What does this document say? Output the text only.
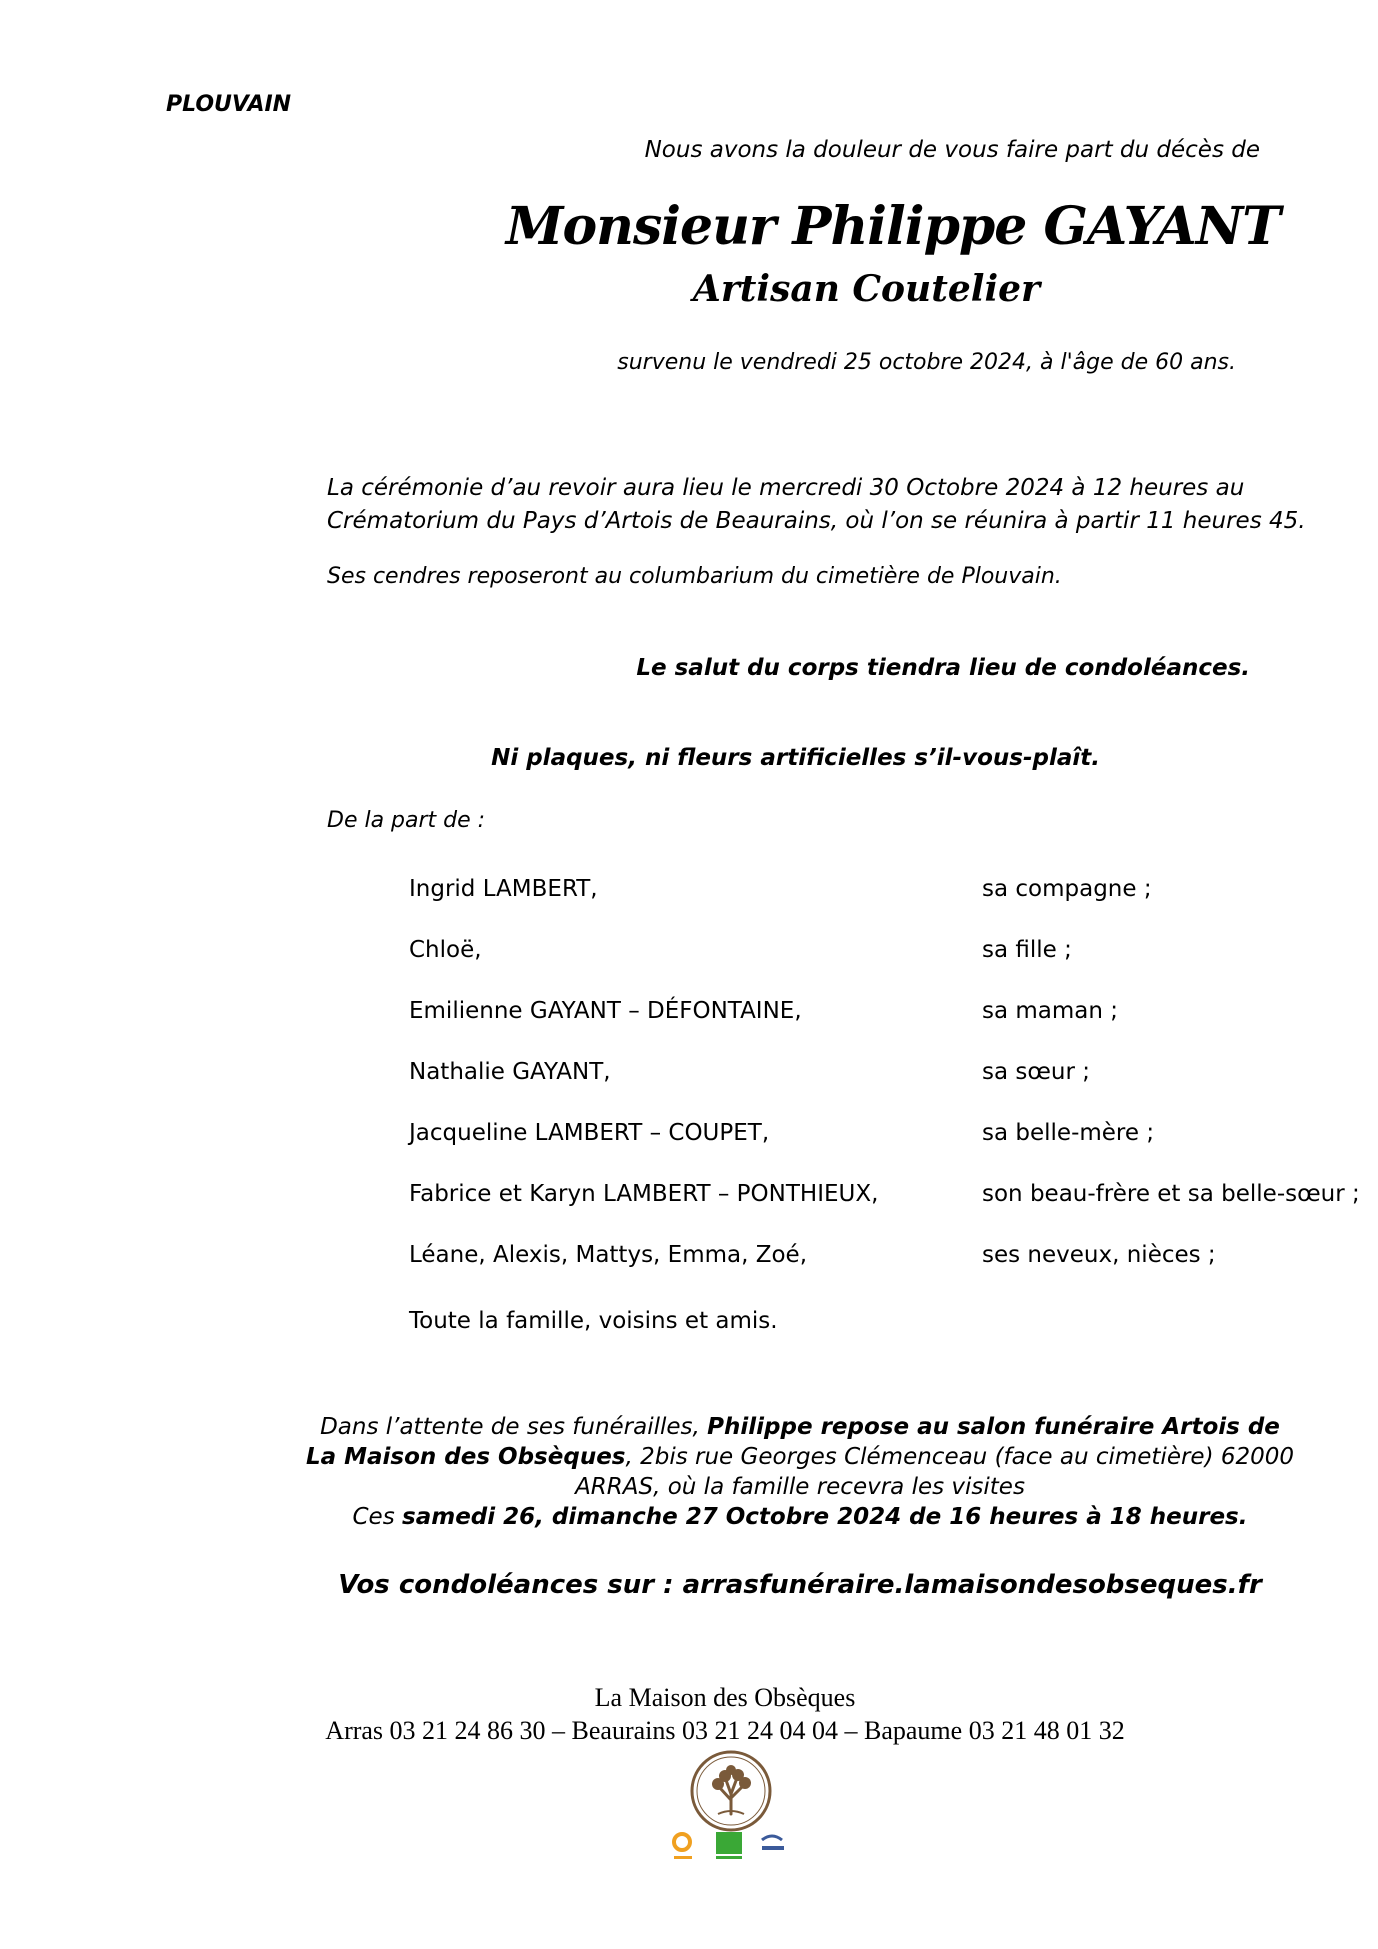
PLOUVAIN
Nous avons la douleur de vous faire part du décès de
Monsieur Philippe GAYANT
Artisan Coutelier
survenu le vendredi 25 octobre 2024, à l'âge de 60 ans.
La cérémonie d’au revoir aura lieu le mercredi 30 Octobre 2024 à 12 heures au
Crématorium du Pays d’Artois de Beaurains, où l’on se réunira à partir 11 heures 45.
Ses cendres reposeront au columbarium du cimetière de Plouvain.
Le salut du corps tiendra lieu de condoléances.
Ni plaques, ni fleurs artificielles s’il-vous-plaît.
De la part de :
Ingrid LAMBERT,	sa compagne ;
Chloë,	sa fille ;
Emilienne GAYANT – DÉFONTAINE,	sa maman ;
Nathalie GAYANT,	sa sœur ;
Jacqueline LAMBERT – COUPET,	sa belle-mère ;
Fabrice et Karyn LAMBERT – PONTHIEUX,	son beau-frère et sa belle-sœur ;
Léane, Alexis, Mattys, Emma, Zoé,	ses neveux, nièces ;
Toute la famille, voisins et amis.
Dans l’attente de ses funérailles, Philippe repose au salon funéraire Artois de
La Maison des Obsèques, 2bis rue Georges Clémenceau (face au cimetière) 62000
ARRAS, où la famille recevra les visites
Ces samedi 26, dimanche 27 Octobre 2024 de 16 heures à 18 heures.
Vos condoléances sur : arrasfunéraire.lamaisondesobseques.fr
La Maison des Obsèques
Arras 03 21 24 86 30 – Beaurains 03 21 24 04 04 – Bapaume 03 21 48 01 32
